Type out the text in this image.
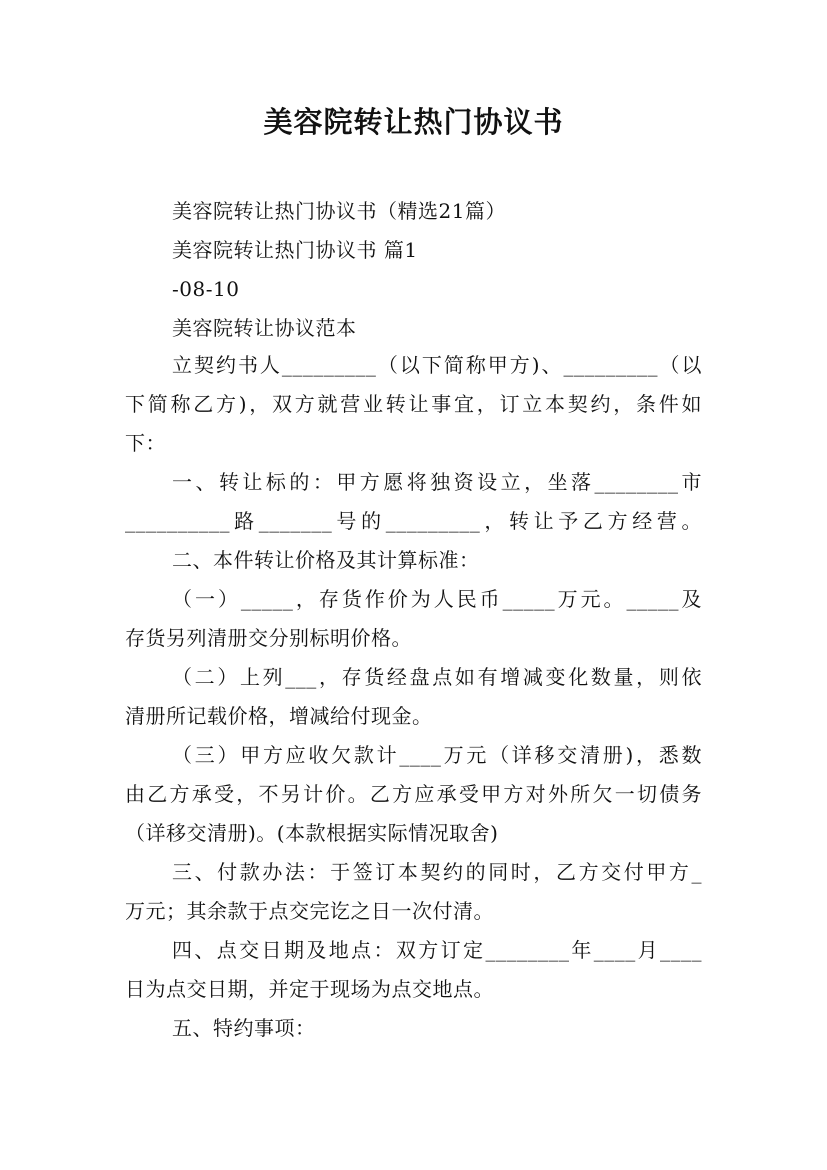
美容院转让热门协议书
美容院转让热门协议书（精选21篇）
美容院转让热门协议书 篇1
-08-10
美容院转让协议范本
立契约书人_________（以下简称甲方)、_________（以
下简称乙方)，双方就营业转让事宜，订立本契约，条件如
下：
一、转让标的：甲方愿将独资设立，坐落________市
__________路_______号的_________，转让予乙方经营。
二、本件转让价格及其计算标准：
（一）_____，存货作价为人民币_____万元。_____及
存货另列清册交分别标明价格。
（二）上列___，存货经盘点如有增减变化数量，则依
清册所记载价格，增减给付现金。
（三）甲方应收欠款计____万元（详移交清册)，悉数
由乙方承受，不另计价。乙方应承受甲方对外所欠一切债务
（详移交清册)。(本款根据实际情况取舍)
三、付款办法：于签订本契约的同时，乙方交付甲方_
万元；其余款于点交完讫之日一次付清。
四、点交日期及地点：双方订定________年____月____
日为点交日期，并定于现场为点交地点。
五、特约事项：
